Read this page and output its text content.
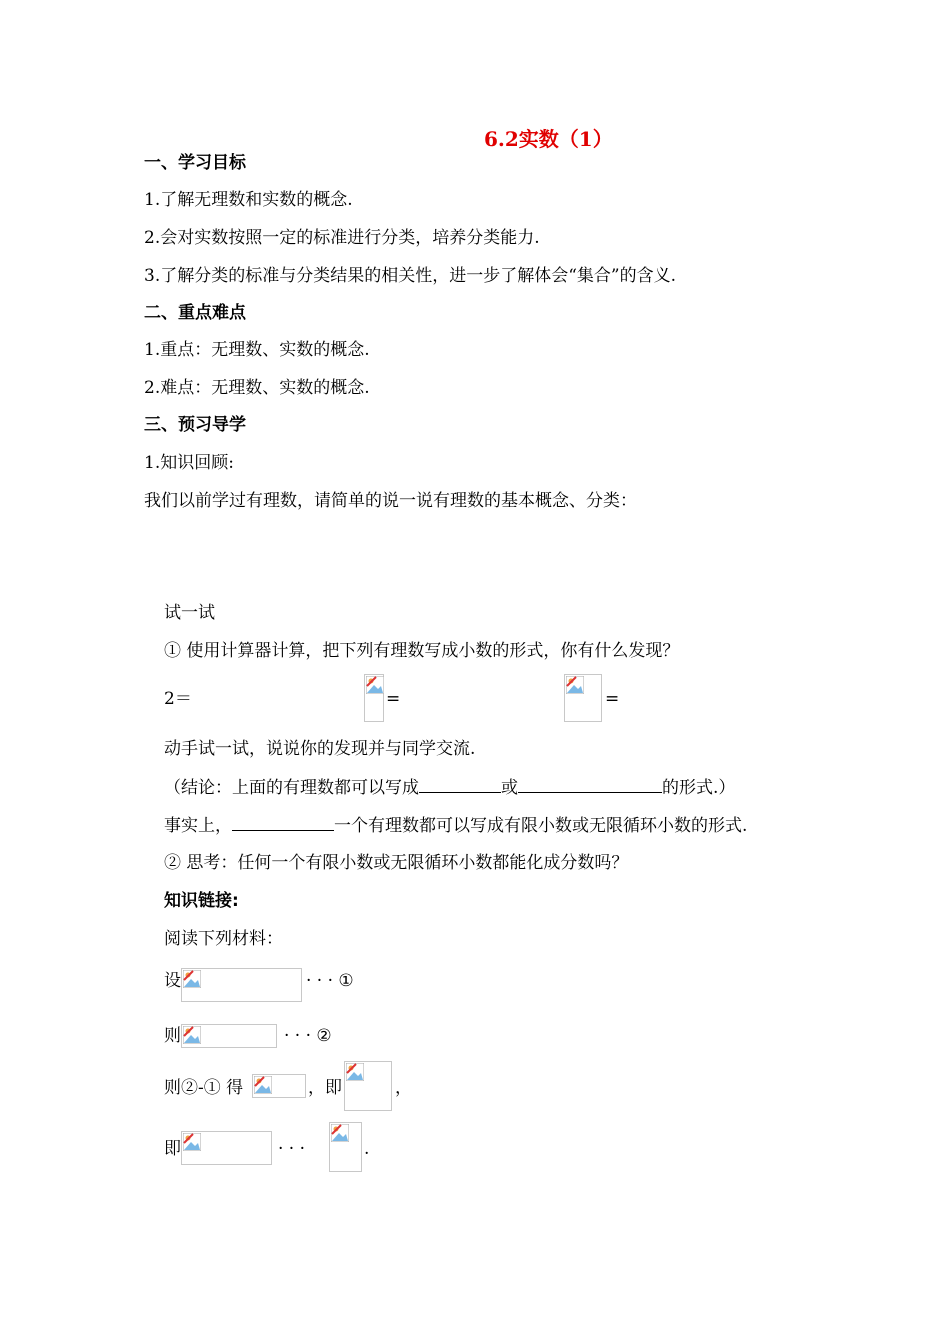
6.2实数（1）
一、学习目标
1.了解无理数和实数的概念.
2.会对实数按照一定的标准进行分类，培养分类能力.
3.了解分类的标准与分类结果的相关性，进一步了解体会“集合”的含义.
二、重点难点
1.重点：无理数、实数的概念.
2.难点：无理数、实数的概念.
三、预习导学
1.知识回顾:
我们以前学过有理数，请简单的说一说有理数的基本概念、分类：
试一试
① 使用计算器计算，把下列有理数写成小数的形式，你有什么发现？
2＝	=	=
动手试一试，说说你的发现并与同学交流.
（结论：上面的有理数都可以写成	或	的形式.）
事实上，	一个有理数都可以写成有限小数或无限循环小数的形式.
② 思考：任何一个有限小数或无限循环小数都能化成分数吗？
知识链接:
阅读下列材料：
设	· · · ①
则	· · · ②
则②-① 得	，即	，
即	· · ·	.
